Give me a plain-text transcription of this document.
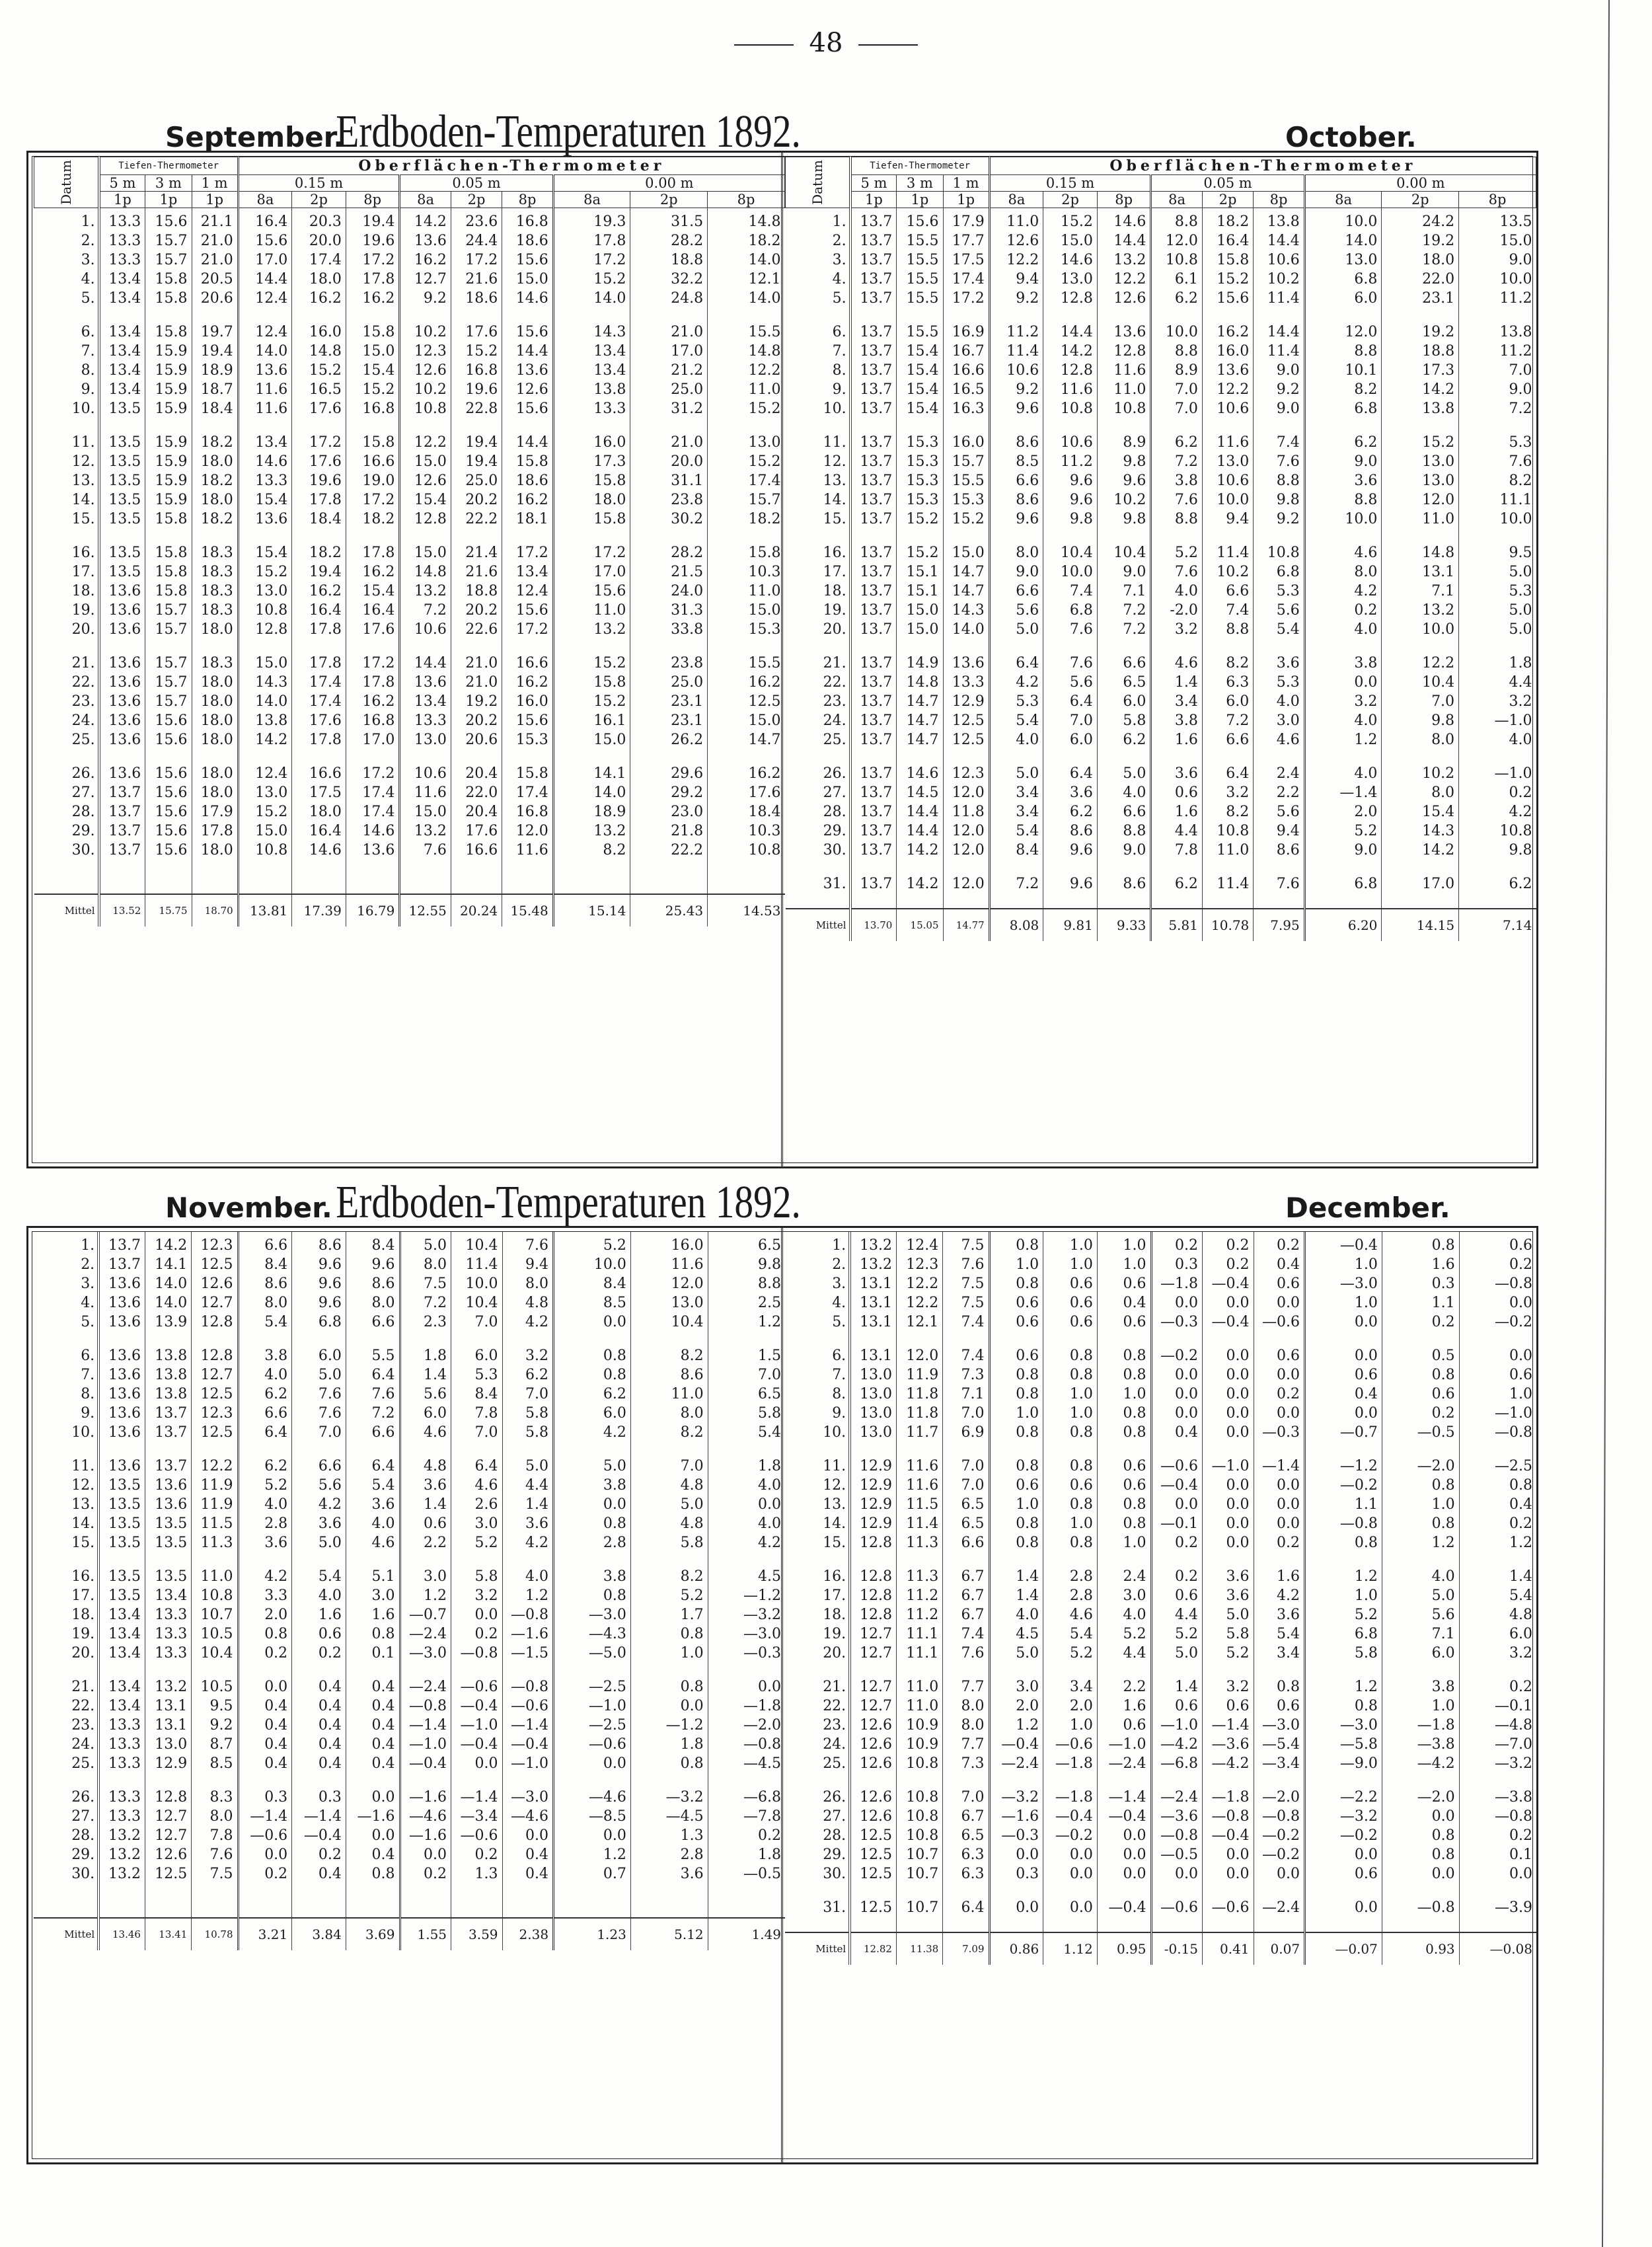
48
September.
Erdboden-Temperaturen 1892.	October.
Datum	Tiefen-Thermometer			Oberflächen-Thermometer								
	5 m	3 m	1 m	0.15 m			0.05 m			0.00 m		
	1p	1p	1p	8a	2p	8p	8a	2p	8p	8a	2p	8p
1.	13.3	15.6	21.1	16.4	20.3	19.4	14.2	23.6	16.8	19.3	31.5	14.8
2.	13.3	15.7	21.0	15.6	20.0	19.6	13.6	24.4	18.6	17.8	28.2	18.2
3.	13.3	15.7	21.0	17.0	17.4	17.2	16.2	17.2	15.6	17.2	18.8	14.0
4.	13.4	15.8	20.5	14.4	18.0	17.8	12.7	21.6	15.0	15.2	32.2	12.1
5.	13.4	15.8	20.6	12.4	16.2	16.2	9.2	18.6	14.6	14.0	24.8	14.0

6.	13.4	15.8	19.7	12.4	16.0	15.8	10.2	17.6	15.6	14.3	21.0	15.5
7.	13.4	15.9	19.4	14.0	14.8	15.0	12.3	15.2	14.4	13.4	17.0	14.8
8.	13.4	15.9	18.9	13.6	15.2	15.4	12.6	16.8	13.6	13.4	21.2	12.2
9.	13.4	15.9	18.7	11.6	16.5	15.2	10.2	19.6	12.6	13.8	25.0	11.0
10.	13.5	15.9	18.4	11.6	17.6	16.8	10.8	22.8	15.6	13.3	31.2	15.2

11.	13.5	15.9	18.2	13.4	17.2	15.8	12.2	19.4	14.4	16.0	21.0	13.0
12.	13.5	15.9	18.0	14.6	17.6	16.6	15.0	19.4	15.8	17.3	20.0	15.2
13.	13.5	15.9	18.2	13.3	19.6	19.0	12.6	25.0	18.6	15.8	31.1	17.4
14.	13.5	15.9	18.0	15.4	17.8	17.2	15.4	20.2	16.2	18.0	23.8	15.7
15.	13.5	15.8	18.2	13.6	18.4	18.2	12.8	22.2	18.1	15.8	30.2	18.2

16.	13.5	15.8	18.3	15.4	18.2	17.8	15.0	21.4	17.2	17.2	28.2	15.8
17.	13.5	15.8	18.3	15.2	19.4	16.2	14.8	21.6	13.4	17.0	21.5	10.3
18.	13.6	15.8	18.3	13.0	16.2	15.4	13.2	18.8	12.4	15.6	24.0	11.0
19.	13.6	15.7	18.3	10.8	16.4	16.4	7.2	20.2	15.6	11.0	31.3	15.0
20.	13.6	15.7	18.0	12.8	17.8	17.6	10.6	22.6	17.2	13.2	33.8	15.3

21.	13.6	15.7	18.3	15.0	17.8	17.2	14.4	21.0	16.6	15.2	23.8	15.5
22.	13.6	15.7	18.0	14.3	17.4	17.8	13.6	21.0	16.2	15.8	25.0	16.2
23.	13.6	15.7	18.0	14.0	17.4	16.2	13.4	19.2	16.0	15.2	23.1	12.5
24.	13.6	15.6	18.0	13.8	17.6	16.8	13.3	20.2	15.6	16.1	23.1	15.0
25.	13.6	15.6	18.0	14.2	17.8	17.0	13.0	20.6	15.3	15.0	26.2	14.7

26.	13.6	15.6	18.0	12.4	16.6	17.2	10.6	20.4	15.8	14.1	29.6	16.2
27.	13.7	15.6	18.0	13.0	17.5	17.4	11.6	22.0	17.4	14.0	29.2	17.6
28.	13.7	15.6	17.9	15.2	18.0	17.4	15.0	20.4	16.8	18.9	23.0	18.4
29.	13.7	15.6	17.8	15.0	16.4	14.6	13.2	17.6	12.0	13.2	21.8	10.3
30.	13.7	15.6	18.0	10.8	14.6	13.6	7.6	16.6	11.6	8.2	22.2	10.8

Mittel	13.52	15.75	18.70	13.81	17.39	16.79	12.55	20.24	15.48	15.14	25.43	14.53
Datum	Tiefen-Thermometer			Oberflächen-Thermometer								
	5 m	3 m	1 m	0.15 m			0.05 m			0.00 m		
	1p	1p	1p	8a	2p	8p	8a	2p	8p	8a	2p	8p
1.	13.7	15.6	17.9	11.0	15.2	14.6	8.8	18.2	13.8	10.0	24.2	13.5
2.	13.7	15.5	17.7	12.6	15.0	14.4	12.0	16.4	14.4	14.0	19.2	15.0
3.	13.7	15.5	17.5	12.2	14.6	13.2	10.8	15.8	10.6	13.0	18.0	9.0
4.	13.7	15.5	17.4	9.4	13.0	12.2	6.1	15.2	10.2	6.8	22.0	10.0
5.	13.7	15.5	17.2	9.2	12.8	12.6	6.2	15.6	11.4	6.0	23.1	11.2

6.	13.7	15.5	16.9	11.2	14.4	13.6	10.0	16.2	14.4	12.0	19.2	13.8
7.	13.7	15.4	16.7	11.4	14.2	12.8	8.8	16.0	11.4	8.8	18.8	11.2
8.	13.7	15.4	16.6	10.6	12.8	11.6	8.9	13.6	9.0	10.1	17.3	7.0
9.	13.7	15.4	16.5	9.2	11.6	11.0	7.0	12.2	9.2	8.2	14.2	9.0
10.	13.7	15.4	16.3	9.6	10.8	10.8	7.0	10.6	9.0	6.8	13.8	7.2

11.	13.7	15.3	16.0	8.6	10.6	8.9	6.2	11.6	7.4	6.2	15.2	5.3
12.	13.7	15.3	15.7	8.5	11.2	9.8	7.2	13.0	7.6	9.0	13.0	7.6
13.	13.7	15.3	15.5	6.6	9.6	9.6	3.8	10.6	8.8	3.6	13.0	8.2
14.	13.7	15.3	15.3	8.6	9.6	10.2	7.6	10.0	9.8	8.8	12.0	11.1
15.	13.7	15.2	15.2	9.6	9.8	9.8	8.8	9.4	9.2	10.0	11.0	10.0

16.	13.7	15.2	15.0	8.0	10.4	10.4	5.2	11.4	10.8	4.6	14.8	9.5
17.	13.7	15.1	14.7	9.0	10.0	9.0	7.6	10.2	6.8	8.0	13.1	5.0
18.	13.7	15.1	14.7	6.6	7.4	7.1	4.0	6.6	5.3	4.2	7.1	5.3
19.	13.7	15.0	14.3	5.6	6.8	7.2	-2.0	7.4	5.6	0.2	13.2	5.0
20.	13.7	15.0	14.0	5.0	7.6	7.2	3.2	8.8	5.4	4.0	10.0	5.0

21.	13.7	14.9	13.6	6.4	7.6	6.6	4.6	8.2	3.6	3.8	12.2	1.8
22.	13.7	14.8	13.3	4.2	5.6	6.5	1.4	6.3	5.3	0.0	10.4	4.4
23.	13.7	14.7	12.9	5.3	6.4	6.0	3.4	6.0	4.0	3.2	7.0	3.2
24.	13.7	14.7	12.5	5.4	7.0	5.8	3.8	7.2	3.0	4.0	9.8	—1.0
25.	13.7	14.7	12.5	4.0	6.0	6.2	1.6	6.6	4.6	1.2	8.0	4.0

26.	13.7	14.6	12.3	5.0	6.4	5.0	3.6	6.4	2.4	4.0	10.2	—1.0
27.	13.7	14.5	12.0	3.4	3.6	4.0	0.6	3.2	2.2	—1.4	8.0	0.2
28.	13.7	14.4	11.8	3.4	6.2	6.6	1.6	8.2	5.6	2.0	15.4	4.2
29.	13.7	14.4	12.0	5.4	8.6	8.8	4.4	10.8	9.4	5.2	14.3	10.8
30.	13.7	14.2	12.0	8.4	9.6	9.0	7.8	11.0	8.6	9.0	14.2	9.8

31.	13.7	14.2	12.0	7.2	9.6	8.6	6.2	11.4	7.6	6.8	17.0	6.2

Mittel	13.70	15.05	14.77	8.08	9.81	9.33	5.81	10.78	7.95	6.20	14.15	7.14
November. Erdboden-Temperaturen 1892.	December.
1.	13.7	14.2	12.3	6.6	8.6	8.4	5.0	10.4	7.6	5.2	16.0	6.5
2.	13.7	14.1	12.5	8.4	9.6	9.6	8.0	11.4	9.4	10.0	11.6	9.8
3.	13.6	14.0	12.6	8.6	9.6	8.6	7.5	10.0	8.0	8.4	12.0	8.8
4.	13.6	14.0	12.7	8.0	9.6	8.0	7.2	10.4	4.8	8.5	13.0	2.5
5.	13.6	13.9	12.8	5.4	6.8	6.6	2.3	7.0	4.2	0.0	10.4	1.2

6.	13.6	13.8	12.8	3.8	6.0	5.5	1.8	6.0	3.2	0.8	8.2	1.5
7.	13.6	13.8	12.7	4.0	5.0	6.4	1.4	5.3	6.2	0.8	8.6	7.0
8.	13.6	13.8	12.5	6.2	7.6	7.6	5.6	8.4	7.0	6.2	11.0	6.5
9.	13.6	13.7	12.3	6.6	7.6	7.2	6.0	7.8	5.8	6.0	8.0	5.8
10.	13.6	13.7	12.5	6.4	7.0	6.6	4.6	7.0	5.8	4.2	8.2	5.4

11.	13.6	13.7	12.2	6.2	6.6	6.4	4.8	6.4	5.0	5.0	7.0	1.8
12.	13.5	13.6	11.9	5.2	5.6	5.4	3.6	4.6	4.4	3.8	4.8	4.0
13.	13.5	13.6	11.9	4.0	4.2	3.6	1.4	2.6	1.4	0.0	5.0	0.0
14.	13.5	13.5	11.5	2.8	3.6	4.0	0.6	3.0	3.6	0.8	4.8	4.0
15.	13.5	13.5	11.3	3.6	5.0	4.6	2.2	5.2	4.2	2.8	5.8	4.2

16.	13.5	13.5	11.0	4.2	5.4	5.1	3.0	5.8	4.0	3.8	8.2	4.5
17.	13.5	13.4	10.8	3.3	4.0	3.0	1.2	3.2	1.2	0.8	5.2	—1.2
18.	13.4	13.3	10.7	2.0	1.6	1.6	—0.7	0.0	—0.8	—3.0	1.7	—3.2
19.	13.4	13.3	10.5	0.8	0.6	0.8	—2.4	0.2	—1.6	—4.3	0.8	—3.0
20.	13.4	13.3	10.4	0.2	0.2	0.1	—3.0	—0.8	—1.5	—5.0	1.0	—0.3

21.	13.4	13.2	10.5	0.0	0.4	0.4	—2.4	—0.6	—0.8	—2.5	0.8	0.0
22.	13.4	13.1	9.5	0.4	0.4	0.4	—0.8	—0.4	—0.6	—1.0	0.0	—1.8
23.	13.3	13.1	9.2	0.4	0.4	0.4	—1.4	—1.0	—1.4	—2.5	—1.2	—2.0
24.	13.3	13.0	8.7	0.4	0.4	0.4	—1.0	—0.4	—0.4	—0.6	1.8	—0.8
25.	13.3	12.9	8.5	0.4	0.4	0.4	—0.4	0.0	—1.0	0.0	0.8	—4.5

26.	13.3	12.8	8.3	0.3	0.3	0.0	—1.6	—1.4	—3.0	—4.6	—3.2	—6.8
27.	13.3	12.7	8.0	—1.4	—1.4	—1.6	—4.6	—3.4	—4.6	—8.5	—4.5	—7.8
28.	13.2	12.7	7.8	—0.6	—0.4	0.0	—1.6	—0.6	0.0	0.0	1.3	0.2
29.	13.2	12.6	7.6	0.0	0.2	0.4	0.0	0.2	0.4	1.2	2.8	1.8
30.	13.2	12.5	7.5	0.2	0.4	0.8	0.2	1.3	0.4	0.7	3.6	—0.5

Mittel	13.46	13.41	10.78	3.21	3.84	3.69	1.55	3.59	2.38	1.23	5.12	1.49
1.	13.2	12.4	7.5	0.8	1.0	1.0	0.2	0.2	0.2	—0.4	0.8	0.6
2.	13.2	12.3	7.6	1.0	1.0	1.0	0.3	0.2	0.4	1.0	1.6	0.2
3.	13.1	12.2	7.5	0.8	0.6	0.6	—1.8	—0.4	0.6	—3.0	0.3	—0.8
4.	13.1	12.2	7.5	0.6	0.6	0.4	0.0	0.0	0.0	1.0	1.1	0.0
5.	13.1	12.1	7.4	0.6	0.6	0.6	—0.3	—0.4	—0.6	0.0	0.2	—0.2

6.	13.1	12.0	7.4	0.6	0.8	0.8	—0.2	0.0	0.6	0.0	0.5	0.0
7.	13.0	11.9	7.3	0.8	0.8	0.8	0.0	0.0	0.0	0.6	0.8	0.6
8.	13.0	11.8	7.1	0.8	1.0	1.0	0.0	0.0	0.2	0.4	0.6	1.0
9.	13.0	11.8	7.0	1.0	1.0	0.8	0.0	0.0	0.0	0.0	0.2	—1.0
10.	13.0	11.7	6.9	0.8	0.8	0.8	0.4	0.0	—0.3	—0.7	—0.5	—0.8

11.	12.9	11.6	7.0	0.8	0.8	0.6	—0.6	—1.0	—1.4	—1.2	—2.0	—2.5
12.	12.9	11.6	7.0	0.6	0.6	0.6	—0.4	0.0	0.0	—0.2	0.8	0.8
13.	12.9	11.5	6.5	1.0	0.8	0.8	0.0	0.0	0.0	1.1	1.0	0.4
14.	12.9	11.4	6.5	0.8	1.0	0.8	—0.1	0.0	0.0	—0.8	0.8	0.2
15.	12.8	11.3	6.6	0.8	0.8	1.0	0.2	0.0	0.2	0.8	1.2	1.2

16.	12.8	11.3	6.7	1.4	2.8	2.4	0.2	3.6	1.6	1.2	4.0	1.4
17.	12.8	11.2	6.7	1.4	2.8	3.0	0.6	3.6	4.2	1.0	5.0	5.4
18.	12.8	11.2	6.7	4.0	4.6	4.0	4.4	5.0	3.6	5.2	5.6	4.8
19.	12.7	11.1	7.4	4.5	5.4	5.2	5.2	5.8	5.4	6.8	7.1	6.0
20.	12.7	11.1	7.6	5.0	5.2	4.4	5.0	5.2	3.4	5.8	6.0	3.2

21.	12.7	11.0	7.7	3.0	3.4	2.2	1.4	3.2	0.8	1.2	3.8	0.2
22.	12.7	11.0	8.0	2.0	2.0	1.6	0.6	0.6	0.6	0.8	1.0	—0.1
23.	12.6	10.9	8.0	1.2	1.0	0.6	—1.0	—1.4	—3.0	—3.0	—1.8	—4.8
24.	12.6	10.9	7.7	—0.4	—0.6	—1.0	—4.2	—3.6	—5.4	—5.8	—3.8	—7.0
25.	12.6	10.8	7.3	—2.4	—1.8	—2.4	—6.8	—4.2	—3.4	—9.0	—4.2	—3.2

26.	12.6	10.8	7.0	—3.2	—1.8	—1.4	—2.4	—1.8	—2.0	—2.2	—2.0	—3.8
27.	12.6	10.8	6.7	—1.6	—0.4	—0.4	—3.6	—0.8	—0.8	—3.2	0.0	—0.8
28.	12.5	10.8	6.5	—0.3	—0.2	0.0	—0.8	—0.4	—0.2	—0.2	0.8	0.2
29.	12.5	10.7	6.3	0.0	0.0	0.0	—0.5	0.0	—0.2	0.0	0.8	0.1
30.	12.5	10.7	6.3	0.3	0.0	0.0	0.0	0.0	0.0	0.6	0.0	0.0

31.	12.5	10.7	6.4	0.0	0.0	—0.4	—0.6	—0.6	—2.4	0.0	—0.8	—3.9

Mittel	12.82	11.38	7.09	0.86	1.12	0.95	-0.15	0.41	0.07	—0.07	0.93	—0.08
